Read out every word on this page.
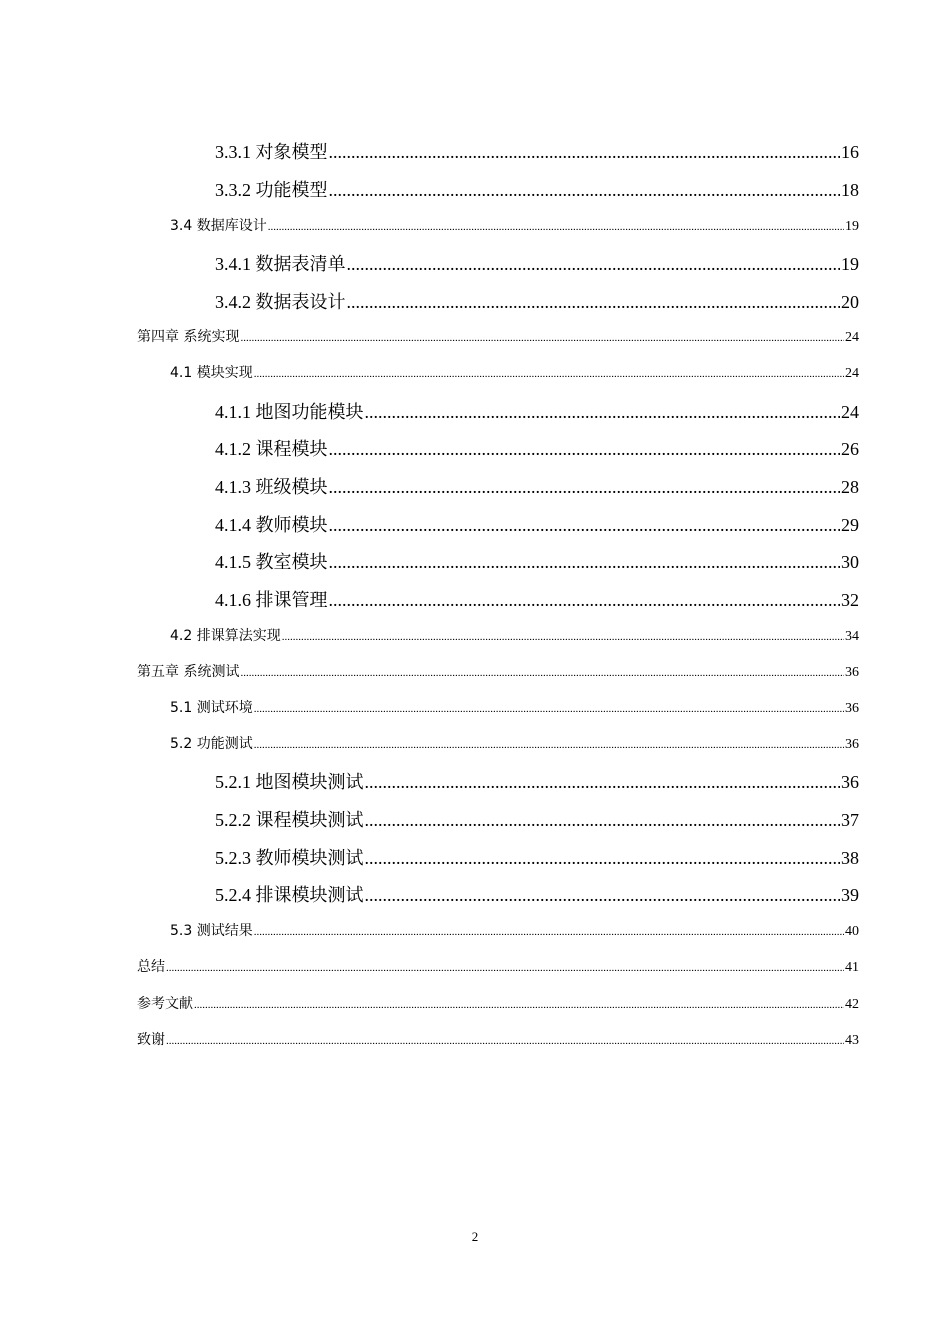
3.3.1 对象模型 .....	16
3.3.2 功能模型 .....	18
3.4 数据库设计 .....	19
3.4.1 数据表清单 .....	19
3.4.2 数据表设计 .....	20
第四章 系统实现 .....	24
4.1 模块实现 .....	24
4.1.1 地图功能模块 .....	24
4.1.2 课程模块 .....	26
4.1.3 班级模块 .....	28
4.1.4 教师模块 .....	29
4.1.5 教室模块 .....	30
4.1.6 排课管理 .....	32
4.2 排课算法实现 .....	34
第五章 系统测试 .....	36
5.1 测试环境 .....	36
5.2 功能测试 .....	36
5.2.1 地图模块测试 .....	36
5.2.2 课程模块测试 .....	37
5.2.3 教师模块测试 .....	38
5.2.4 排课模块测试 .....	39
5.3 测试结果 .....	40
总结 .....	41
参考文献 .....	42
致谢 .....	43
2
